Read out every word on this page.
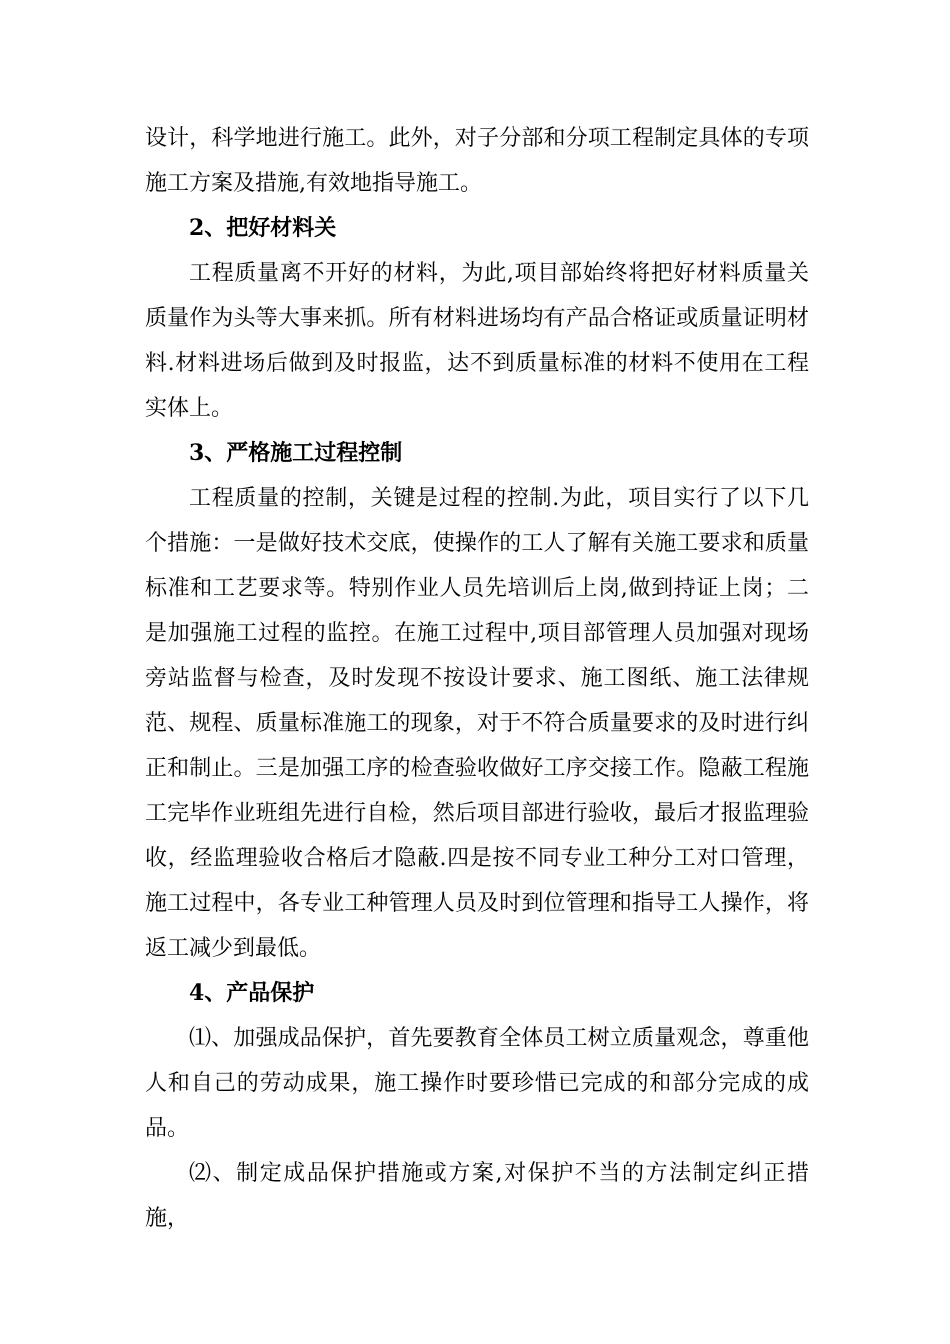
设计，科学地进行施工。此外，对子分部和分项工程制定具体的专项施工方案及措施,有效地指导施工。

2、把好材料关

工程质量离不开好的材料，为此,项目部始终将把好材料质量关质量作为头等大事来抓。所有材料进场均有产品合格证或质量证明材料.材料进场后做到及时报监，达不到质量标准的材料不使用在工程实体上。

3、严格施工过程控制

工程质量的控制，关键是过程的控制.为此，项目实行了以下几个措施：一是做好技术交底，使操作的工人了解有关施工要求和质量标准和工艺要求等。特别作业人员先培训后上岗,做到持证上岗；二是加强施工过程的监控。在施工过程中,项目部管理人员加强对现场旁站监督与检查，及时发现不按设计要求、施工图纸、施工法律规范、规程、质量标准施工的现象，对于不符合质量要求的及时进行纠正和制止。三是加强工序的检查验收做好工序交接工作。隐蔽工程施工完毕作业班组先进行自检，然后项目部进行验收，最后才报监理验收，经监理验收合格后才隐蔽.四是按不同专业工种分工对口管理，施工过程中，各专业工种管理人员及时到位管理和指导工人操作，将返工减少到最低。

4、产品保护

⑴、加强成品保护，首先要教育全体员工树立质量观念，尊重他人和自己的劳动成果，施工操作时要珍惜已完成的和部分完成的成品。

⑵、制定成品保护措施或方案,对保护不当的方法制定纠正措施，
